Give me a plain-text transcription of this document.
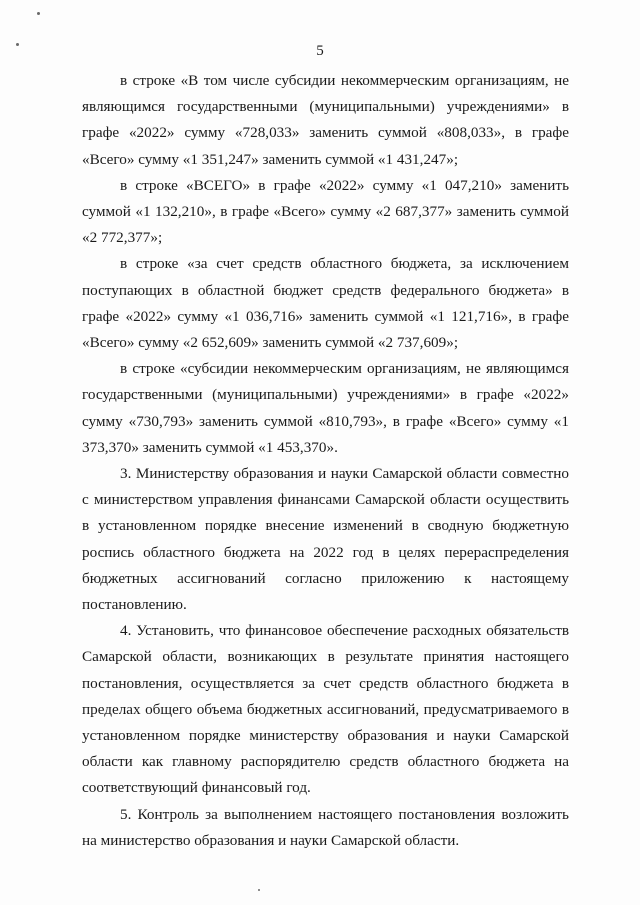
5

в строке «В том числе субсидии некоммерческим организациям, не являющимся государственными (муниципальными) учреждениями» в графе «2022» сумму «728,033» заменить суммой «808,033», в графе «Всего» сумму «1 351,247» заменить суммой «1 431,247»;

в строке «ВСЕГО» в графе «2022» сумму «1 047,210» заменить суммой «1 132,210», в графе «Всего» сумму «2 687,377» заменить суммой «2 772,377»;

в строке «за счет средств областного бюджета, за исключением поступающих в областной бюджет средств федерального бюджета» в графе «2022» сумму «1 036,716» заменить суммой «1 121,716», в графе «Всего» сумму «2 652,609» заменить суммой «2 737,609»;

в строке «субсидии некоммерческим организациям, не являющимся государственными (муниципальными) учреждениями» в графе «2022» сумму «730,793» заменить суммой «810,793», в графе «Всего» сумму «1 373,370» заменить суммой «1 453,370».

3. Министерству образования и науки Самарской области совместно с министерством управления финансами Самарской области осуществить в установленном порядке внесение изменений в сводную бюджетную роспись областного бюджета на 2022 год в целях перераспределения бюджетных ассигнований согласно приложению к настоящему постановлению.

4. Установить, что финансовое обеспечение расходных обязательств Самарской области, возникающих в результате принятия настоящего постановления, осуществляется за счет средств областного бюджета в пределах общего объема бюджетных ассигнований, предусматриваемого в установленном порядке министерству образования и науки Самарской области как главному распорядителю средств областного бюджета на соответствующий финансовый год.

5. Контроль за выполнением настоящего постановления возложить на министерство образования и науки Самарской области.
